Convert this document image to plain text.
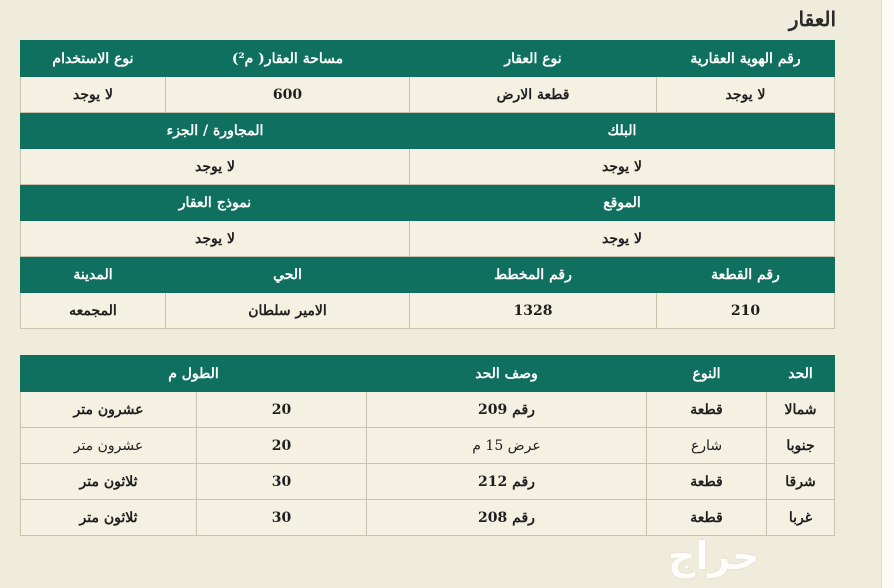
العقار
رقم الهوية العقارية	نوع العقار	مساحة العقار( م²)	نوع الاستخدام
لا يوجد	قطعة الارض	600	لا يوجد
البلك		المجاورة / الجزء	
لا يوجد		لا يوجد	
الموقع		نموذج العقار	
لا يوجد		لا يوجد	
رقم القطعة	رقم المخطط	الحي	المدينة
210	1328	الامير سلطان	المجمعه
الحد	النوع	وصف الحد	الطول م	
شمالا	قطعة	رقم 209	20	عشرون متر
جنوبا	شارع	عرض 15 م	20	عشرون متر
شرقا	قطعة	رقم 212	30	ثلاثون متر
غربا	قطعة	رقم 208	30	ثلاثون متر
حراج
